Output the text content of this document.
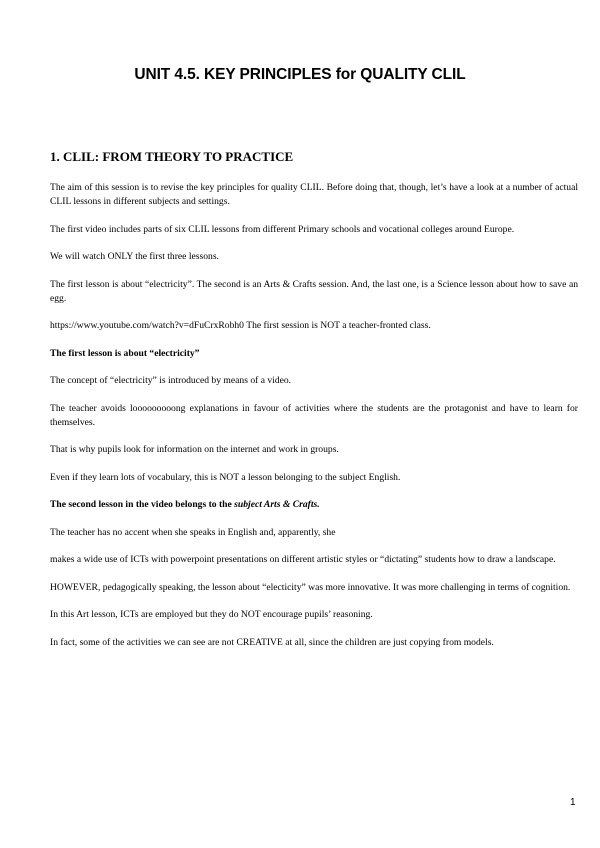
UNIT 4.5. KEY PRINCIPLES for QUALITY CLIL
1. CLIL: FROM THEORY TO PRACTICE

The aim of this session is to revise the key principles for quality CLIL. Before doing that, though, let’s have a look at a number of actual CLIL lessons in different subjects and settings.

The first video includes parts of six CLIL lessons from different Primary schools and vocational colleges around Europe.

We will watch ONLY the first three lessons.

The first lesson is about “electricity”. The second is an Arts & Crafts session. And, the last one, is a Science lesson about how to save an egg.

https://www.youtube.com/watch?v=dFuCrxRobh0 The first session is NOT a teacher-fronted class.

The first lesson is about “electricity”

The concept of “electricity” is introduced by means of a video.

The teacher avoids looooooooong explanations in favour of activities where the students are the protagonist and have to learn for themselves.

That is why pupils look for information on the internet and work in groups.

Even if they learn lots of vocabulary, this is NOT a lesson belonging to the subject English.

The second lesson in the video belongs to the subject Arts & Crafts.

The teacher has no accent when she speaks in English and, apparently, she

makes a wide use of ICTs with powerpoint presentations on different artistic styles or “dictating” students how to draw a landscape.

HOWEVER, pedagogically speaking, the lesson about “electicity” was more innovative. It was more challenging in terms of cognition.

In this Art lesson, ICTs are employed but they do NOT encourage pupils’ reasoning.

In fact, some of the activities we can see are not CREATIVE at all, since the children are just copying from models.

1
